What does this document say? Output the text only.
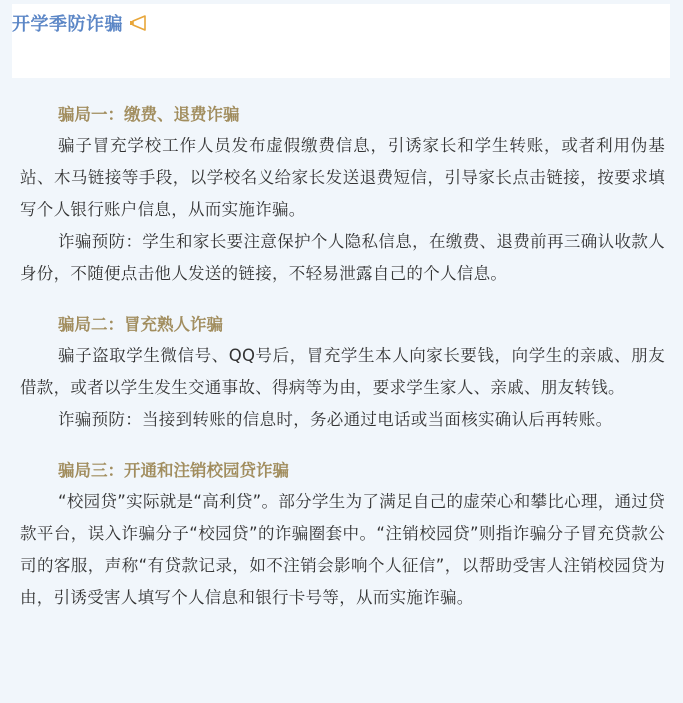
开学季防诈骗

骗局一：缴费、退费诈骗

骗子冒充学校工作人员发布虚假缴费信息，引诱家长和学生转账，或者利用伪基站、木马链接等手段，以学校名义给家长发送退费短信，引导家长点击链接，按要求填写个人银行账户信息，从而实施诈骗。

诈骗预防：学生和家长要注意保护个人隐私信息，在缴费、退费前再三确认收款人身份，不随便点击他人发送的链接，不轻易泄露自己的个人信息。

骗局二：冒充熟人诈骗

骗子盗取学生微信号、QQ号后，冒充学生本人向家长要钱，向学生的亲戚、朋友借款，或者以学生发生交通事故、得病等为由，要求学生家人、亲戚、朋友转钱。

诈骗预防：当接到转账的信息时，务必通过电话或当面核实确认后再转账。

骗局三：开通和注销校园贷诈骗

“校园贷”实际就是“高利贷”。部分学生为了满足自己的虚荣心和攀比心理，通过贷款平台，误入诈骗分子“校园贷”的诈骗圈套中。“注销校园贷”则指诈骗分子冒充贷款公司的客服，声称“有贷款记录，如不注销会影响个人征信”，以帮助受害人注销校园贷为由，引诱受害人填写个人信息和银行卡号等，从而实施诈骗。
